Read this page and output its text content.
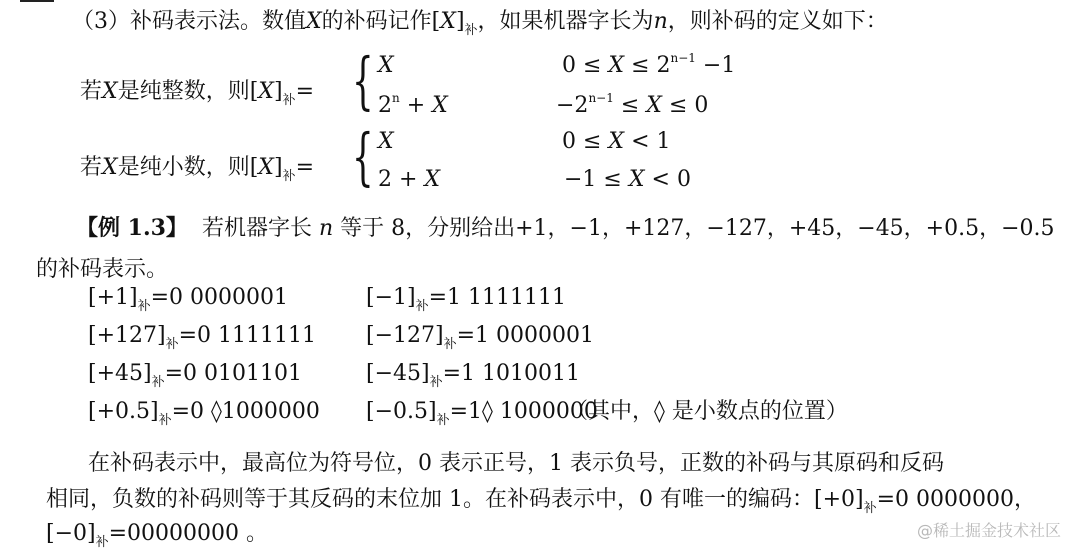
（3）补码表示法。数值X的补码记作$[X]_补$，如果机器字长为n，则补码的定义如下：
若X是纯整数，则$[X]_补=$ { X	$0 \le X \le 2^{n-1} -1$
$2^n + X$	$-2^{n-1} \le X \le 0$
若X是纯小数，则$[X]_补=$ { X	0 ≤ X < 1
2 + X	−1 ≤ X < 0
【例 1.3】 若机器字长 n 等于 8，分别给出+1，−1，+127，−127，+45，−45，+0.5，−0.5
的补码表示。
$[+1]_补=0$ 0000001	$[-1]_补=1$ 1111111
$[+127]_补=0$ 1111111 $[-127]_补=1$ 0000001
$[+45]_补=0$ 0101101	$[-45]_补=1$ 1010011
$[+0.5]_补=0$ ◊1000000 $[-0.5]_补=1◊$ 1000000
（其中，◊ 是小数点的位置）
在补码表示中，最高位为符号位，0 表示正号，1 表示负号，正数的补码与其原码和反码
相同，负数的补码则等于其反码的末位加 1。在补码表示中，0 有唯一的编码：$[+0]_补=0$ 0000000，
$[-0]_补=00000000$ 。	@稀土掘金技术社区
